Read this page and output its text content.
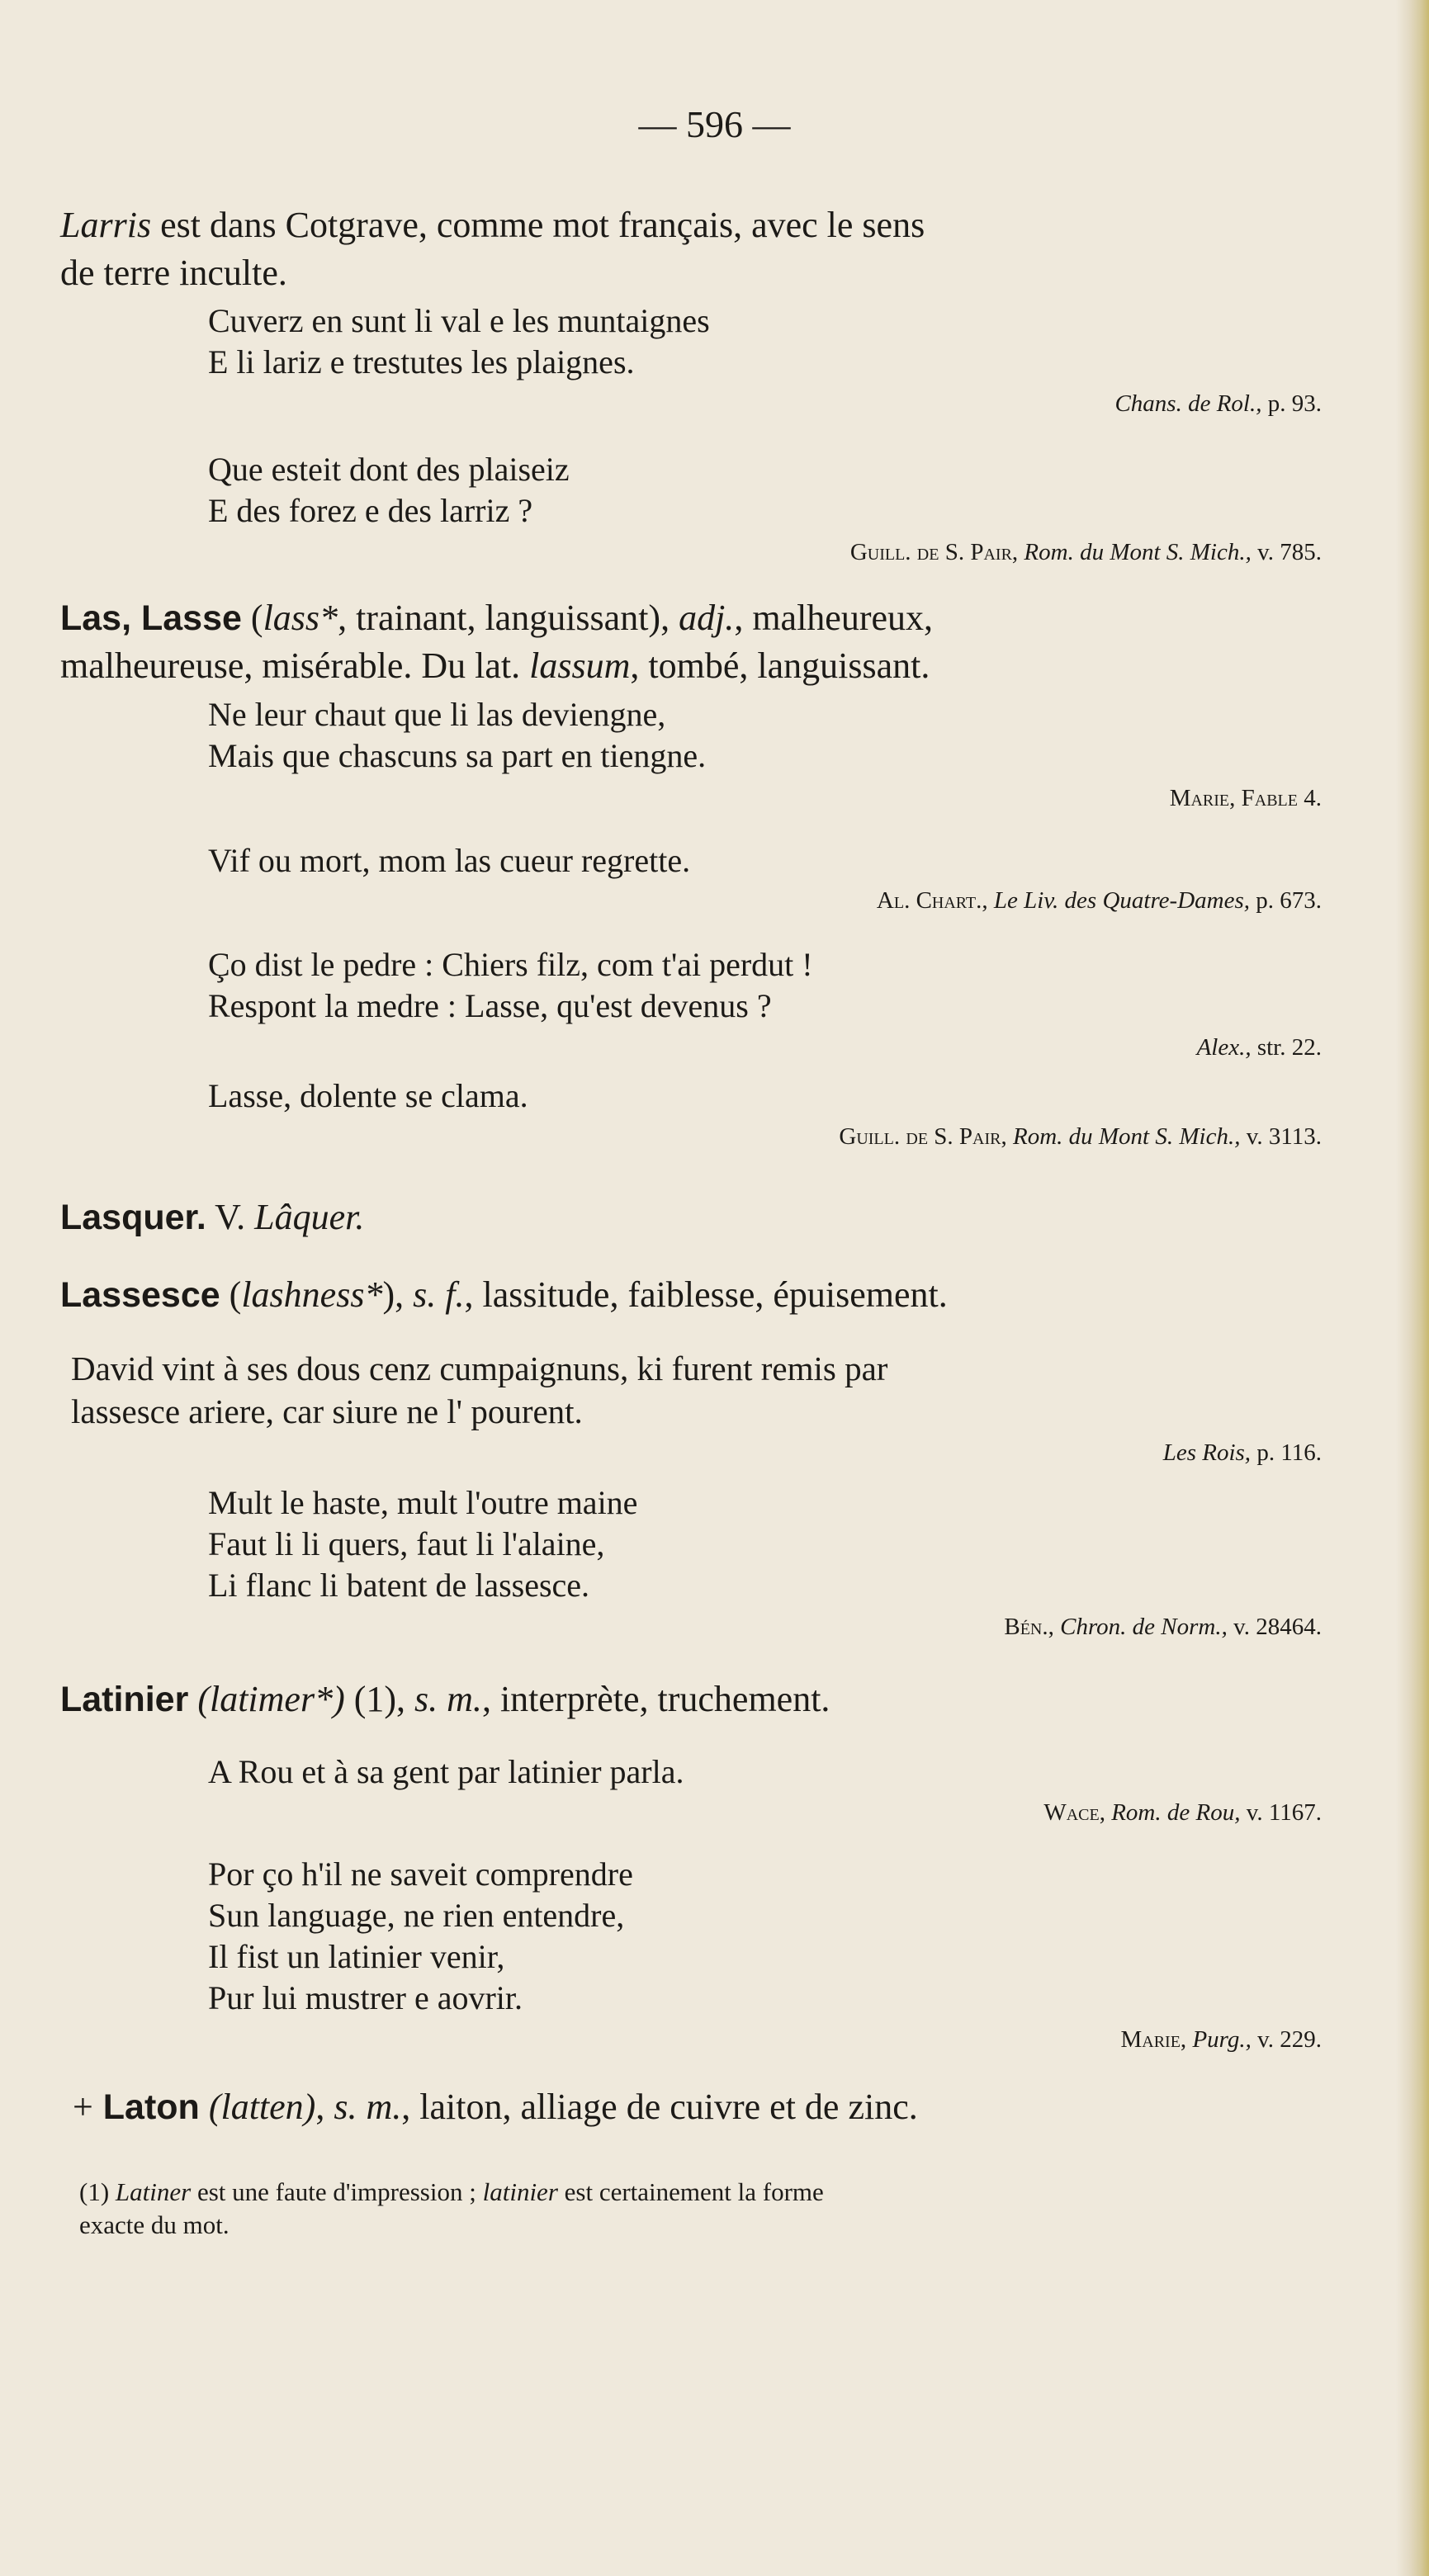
— 596 —
Larris est dans Cotgrave, comme mot français, avec le sens
de terre inculte.
Cuverz en sunt li val e les muntaignes
E li lariz e trestutes les plaignes.
Chans. de Rol., p. 93.
Que esteit dont des plaiseiz
E des forez e des larriz ?
Guill. de S. Pair, Rom. du Mont S. Mich., v. 785.
Las, Lasse (lass*, trainant, languissant), adj., malheureux,
malheureuse, misérable. Du lat. lassum, tombé, languissant.
Ne leur chaut que li las deviengne,
Mais que chascuns sa part en tiengne.
Marie, Fable 4.
Vif ou mort, mom las cueur regrette.
Al. Chart., Le Liv. des Quatre-Dames, p. 673.
Ço dist le pedre : Chiers filz, com t'ai perdut !
Respont la medre : Lasse, qu'est devenus ?
Alex., str. 22.
Lasse, dolente se clama.
Guill. de S. Pair, Rom. du Mont S. Mich., v. 3113.
Lasquer. V. Lâquer.
Lassesce (lashness*), s. f., lassitude, faiblesse, épuisement.
David vint à ses dous cenz cumpaignuns, ki furent remis par
lassesce ariere, car siure ne l' pourent.
Les Rois, p. 116.
Mult le haste, mult l'outre maine
Faut li li quers, faut li l'alaine,
Li flanc li batent de lassesce.
Bén., Chron. de Norm., v. 28464.
Latinier (latimer*) (1), s. m., interprète, truchement.
A Rou et à sa gent par latinier parla.
Wace, Rom. de Rou, v. 1167.
Por ço h'il ne saveit comprendre
Sun language, ne rien entendre,
Il fist un latinier venir,
Pur lui mustrer e aovrir.
Marie, Purg., v. 229.
+ Laton (latten), s. m., laiton, alliage de cuivre et de zinc.
(1) Latiner est une faute d'impression ; latinier est certainement la forme
exacte du mot.
